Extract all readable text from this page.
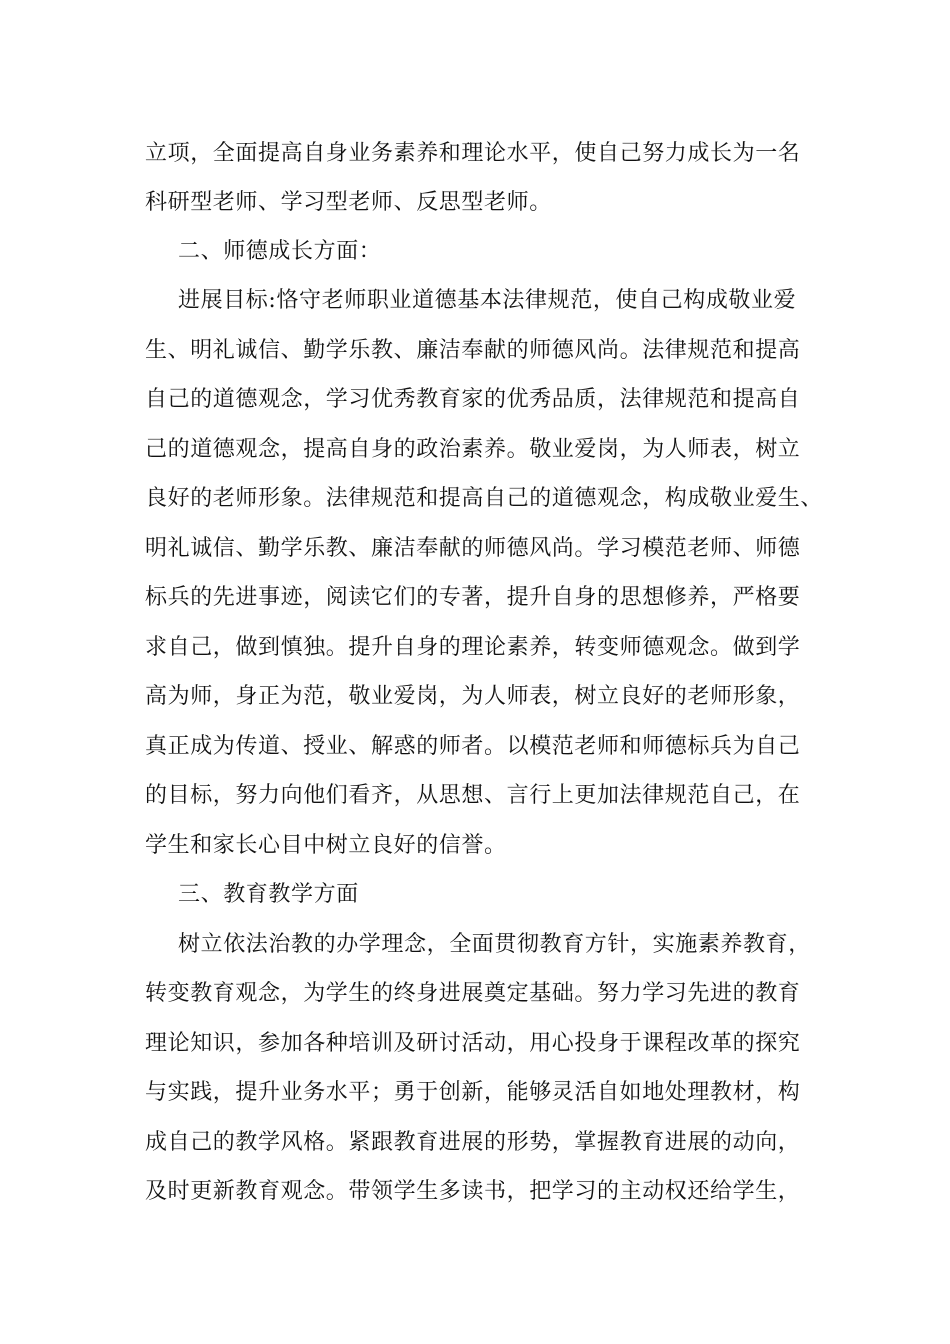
立项，全面提高自身业务素养和理论水平，使自己努力成长为一名
科研型老师、学习型老师、反思型老师。
二、师德成长方面：
进展目标:恪守老师职业道德基本法律规范，使自己构成敬业爱
生、明礼诚信、勤学乐教、廉洁奉献的师德风尚。法律规范和提高
自己的道德观念，学习优秀教育家的优秀品质，法律规范和提高自
己的道德观念，提高自身的政治素养。敬业爱岗，为人师表，树立
良好的老师形象。法律规范和提高自己的道德观念，构成敬业爱生、
明礼诚信、勤学乐教、廉洁奉献的师德风尚。学习模范老师、师德
标兵的先进事迹，阅读它们的专著，提升自身的思想修养，严格要
求自己，做到慎独。提升自身的理论素养，转变师德观念。做到学
高为师，身正为范，敬业爱岗，为人师表，树立良好的老师形象，
真正成为传道、授业、解惑的师者。以模范老师和师德标兵为自己
的目标，努力向他们看齐，从思想、言行上更加法律规范自己，在
学生和家长心目中树立良好的信誉。
三、教育教学方面
树立依法治教的办学理念，全面贯彻教育方针，实施素养教育，
转变教育观念，为学生的终身进展奠定基础。努力学习先进的教育
理论知识，参加各种培训及研讨活动，用心投身于课程改革的探究
与实践，提升业务水平；勇于创新，能够灵活自如地处理教材，构
成自己的教学风格。紧跟教育进展的形势，掌握教育进展的动向，
及时更新教育观念。带领学生多读书，把学习的主动权还给学生，
